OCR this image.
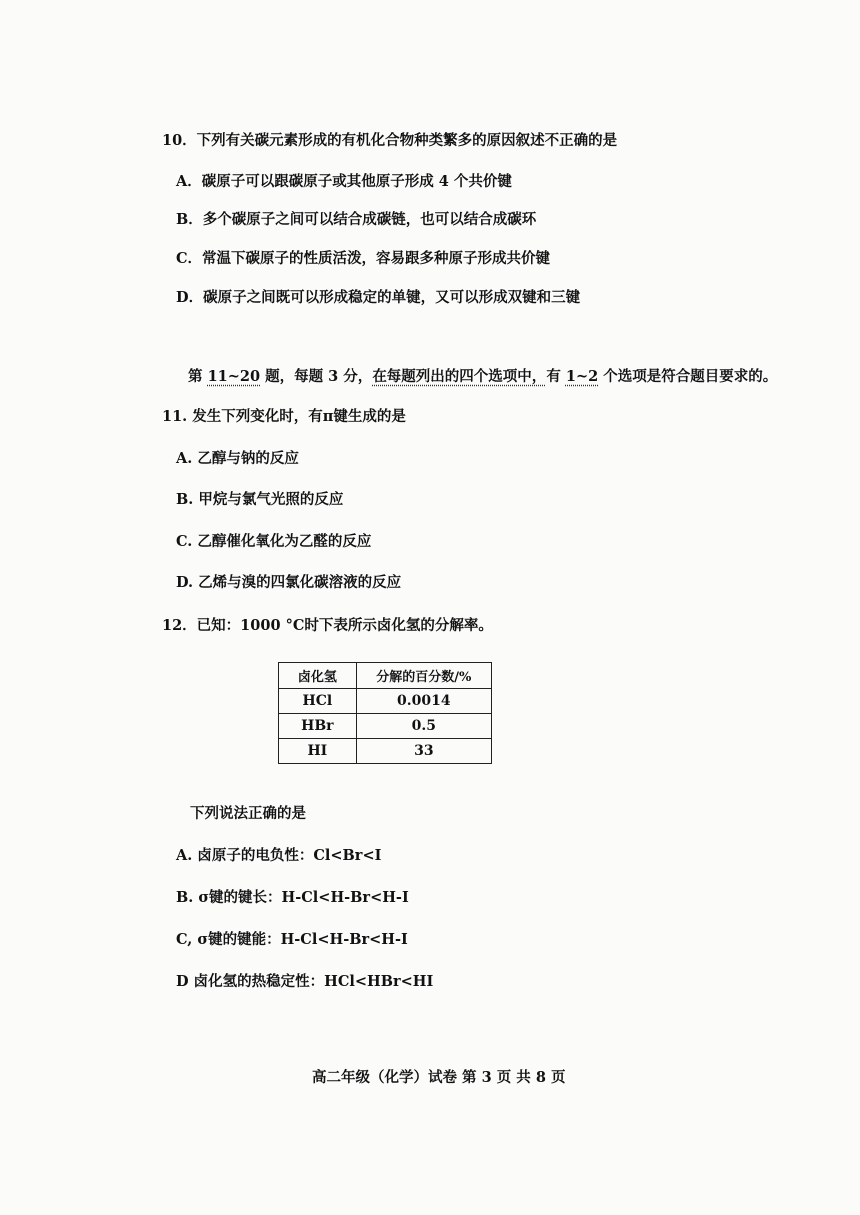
10．下列有关碳元素形成的有机化合物种类繁多的原因叙述不正确的是
A．碳原子可以跟碳原子或其他原子形成 4 个共价键
B．多个碳原子之间可以结合成碳链，也可以结合成碳环
C．常温下碳原子的性质活泼，容易跟多种原子形成共价键
D．碳原子之间既可以形成稳定的单键，又可以形成双键和三键
第 11~20 题，每题 3 分，在每题列出的四个选项中，有 1~2 个选项是符合题目要求的。
11. 发生下列变化时，有π键生成的是
A. 乙醇与钠的反应
B. 甲烷与氯气光照的反应
C. 乙醇催化氧化为乙醛的反应
D. 乙烯与溴的四氯化碳溶液的反应
12．已知：1000 °C时下表所示卤化氢的分解率。
卤化氢	分解的百分数/%
HCl	0.0014
HBr	0.5
HI	33
下列说法正确的是
A. 卤原子的电负性：Cl<Br<I
B. σ键的键长：H-Cl<H-Br<H-I
C, σ键的键能：H-Cl<H-Br<H-I
D 卤化氢的热稳定性：HCl<HBr<HI
高二年级（化学）试卷 第 3 页 共 8 页
